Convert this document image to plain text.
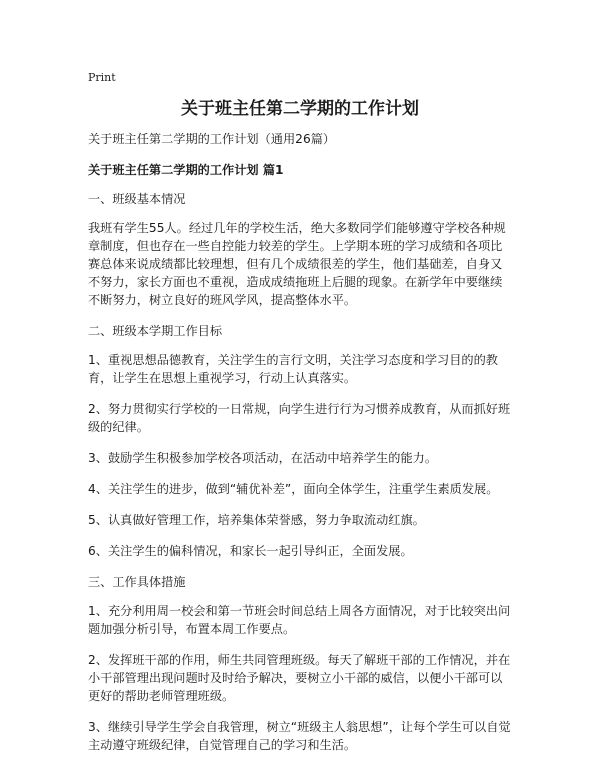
Print
关于班主任第二学期的工作计划

关于班主任第二学期的工作计划（通用26篇）

关于班主任第二学期的工作计划 篇1

一、班级基本情况

我班有学生55人。经过几年的学校生活，绝大多数同学们能够遵守学校各种规章制度，但也存在一些自控能力较差的学生。上学期本班的学习成绩和各项比赛总体来说成绩都比较理想，但有几个成绩很差的学生，他们基础差，自身又不努力，家长方面也不重视，造成成绩拖班上后腿的现象。在新学年中要继续不断努力，树立良好的班风学风，提高整体水平。

二、班级本学期工作目标

1、重视思想品德教育，关注学生的言行文明，关注学习态度和学习目的的教育，让学生在思想上重视学习，行动上认真落实。

2、努力贯彻实行学校的一日常规，向学生进行行为习惯养成教育，从而抓好班级的纪律。

3、鼓励学生积极参加学校各项活动，在活动中培养学生的能力。

4、关注学生的进步，做到“辅优补差”，面向全体学生，注重学生素质发展。

5、认真做好管理工作，培养集体荣誉感，努力争取流动红旗。

6、关注学生的偏科情况，和家长一起引导纠正，全面发展。

三、工作具体措施

1、充分利用周一校会和第一节班会时间总结上周各方面情况，对于比较突出问题加强分析引导，布置本周工作要点。

2、发挥班干部的作用，师生共同管理班级。每天了解班干部的工作情况，并在小干部管理出现问题时及时给予解决，要树立小干部的威信，以便小干部可以更好的帮助老师管理班级。

3、继续引导学生学会自我管理，树立“班级主人翁思想”，让每个学生可以自觉主动遵守班级纪律，自觉管理自己的学习和生活。
